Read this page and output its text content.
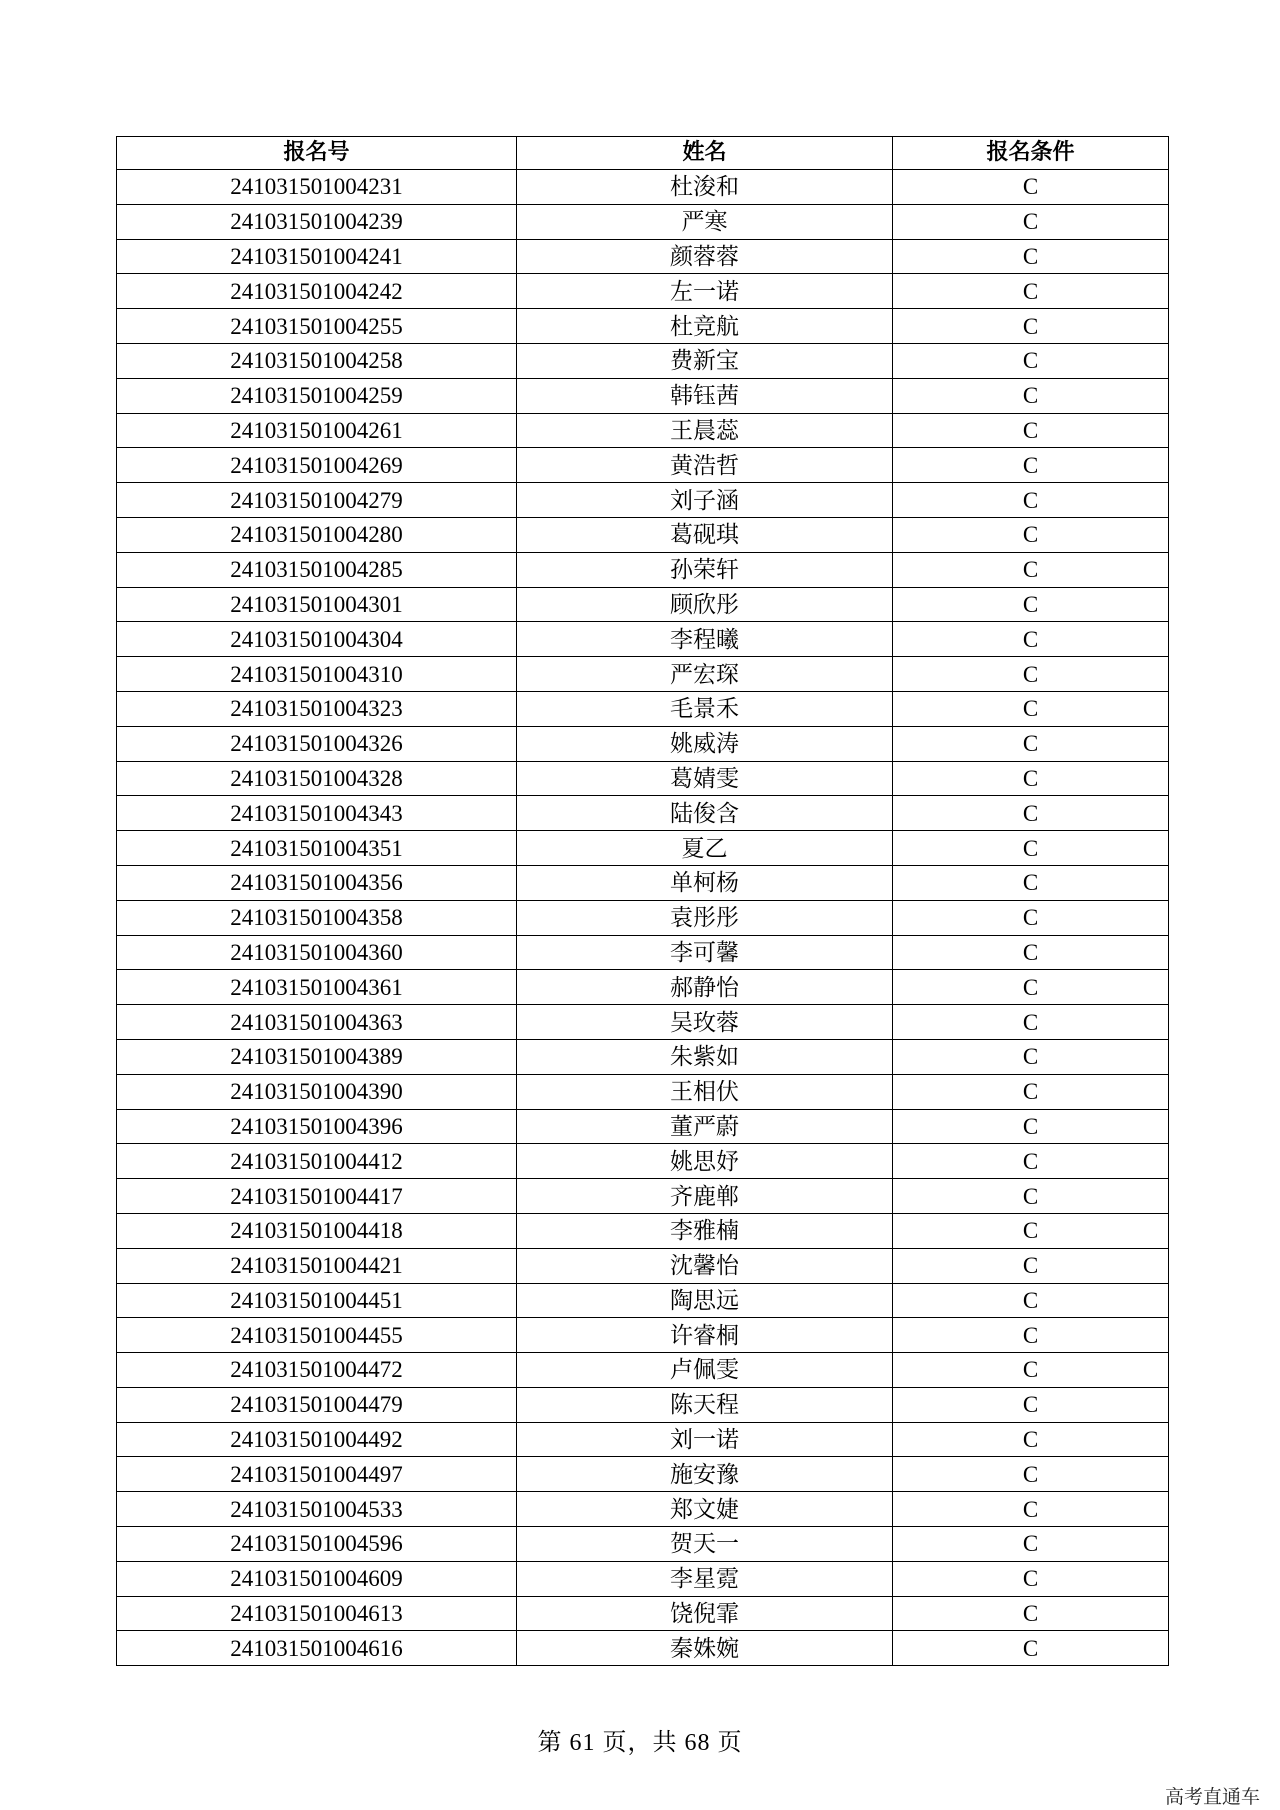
报名号	姓名	报名条件
241031501004231	杜浚和	C
241031501004239	严寒	C
241031501004241	颜蓉蓉	C
241031501004242	左一诺	C
241031501004255	杜竞航	C
241031501004258	费新宝	C
241031501004259	韩钰茜	C
241031501004261	王晨蕊	C
241031501004269	黄浩哲	C
241031501004279	刘子涵	C
241031501004280	葛砚琪	C
241031501004285	孙荣轩	C
241031501004301	顾欣彤	C
241031501004304	李程曦	C
241031501004310	严宏琛	C
241031501004323	毛景禾	C
241031501004326	姚威涛	C
241031501004328	葛婧雯	C
241031501004343	陆俊含	C
241031501004351	夏乙	C
241031501004356	单柯杨	C
241031501004358	袁彤彤	C
241031501004360	李可馨	C
241031501004361	郝静怡	C
241031501004363	吴玫蓉	C
241031501004389	朱紫如	C
241031501004390	王相伏	C
241031501004396	董严蔚	C
241031501004412	姚思妤	C
241031501004417	齐鹿郸	C
241031501004418	李雅楠	C
241031501004421	沈馨怡	C
241031501004451	陶思远	C
241031501004455	许睿桐	C
241031501004472	卢佩雯	C
241031501004479	陈天程	C
241031501004492	刘一诺	C
241031501004497	施安豫	C
241031501004533	郑文婕	C
241031501004596	贺天一	C
241031501004609	李星霓	C
241031501004613	饶倪霏	C
241031501004616	秦姝婉	C
第 61 页，共 68 页
高考直通车
